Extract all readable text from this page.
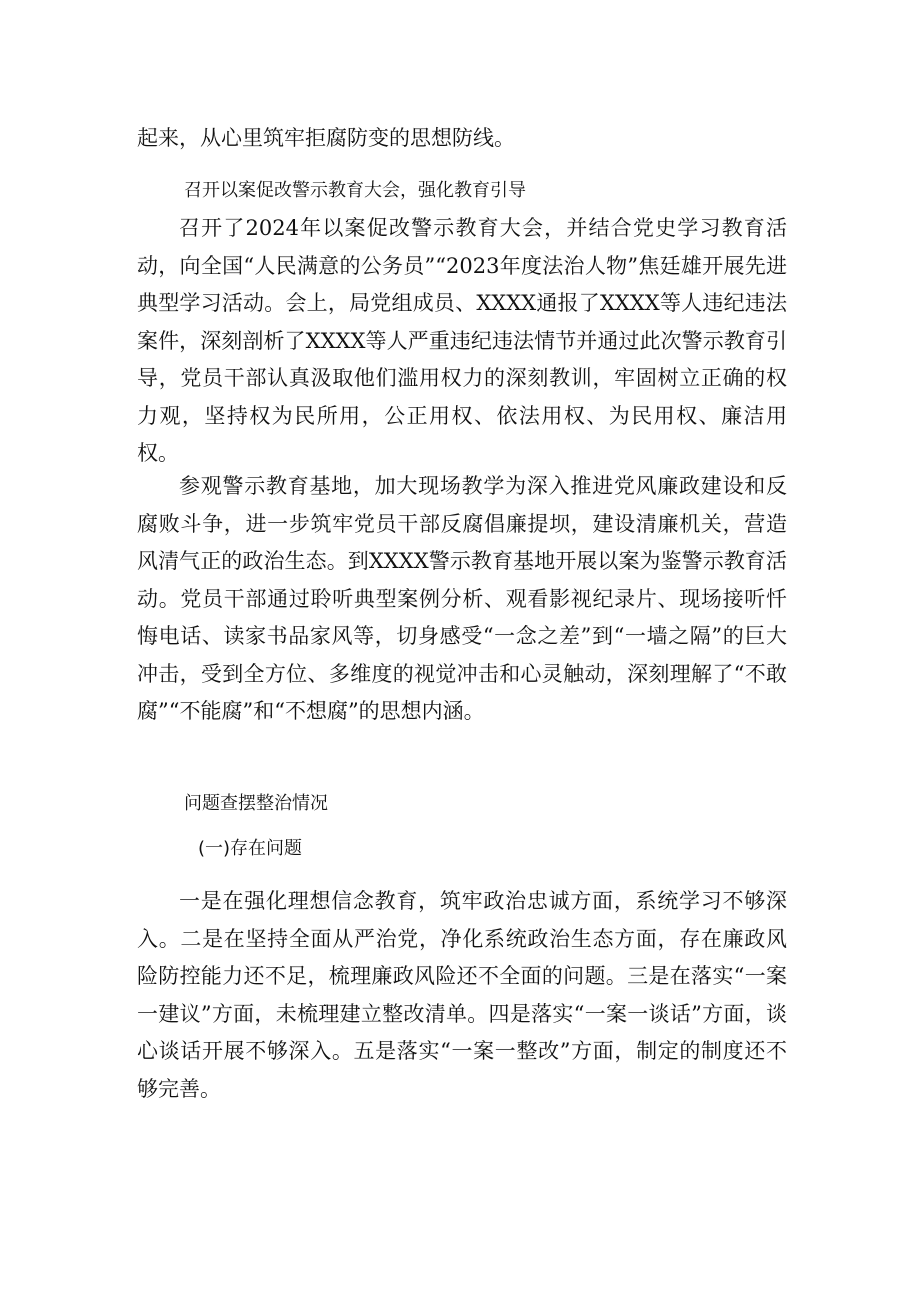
起来，从心里筑牢拒腐防变的思想防线。

召开以案促改警示教育大会，强化教育引导

召开了2024年以案促改警示教育大会，并结合党史学习教育活动，向全国“人民满意的公务员”“2023年度法治人物”焦廷雄开展先进典型学习活动。会上，局党组成员、XXXX通报了XXXX等人违纪违法案件，深刻剖析了XXXX等人严重违纪违法情节并通过此次警示教育引导，党员干部认真汲取他们滥用权力的深刻教训，牢固树立正确的权力观，坚持权为民所用，公正用权、依法用权、为民用权、廉洁用权。

参观警示教育基地，加大现场教学为深入推进党风廉政建设和反腐败斗争，进一步筑牢党员干部反腐倡廉提坝，建设清廉机关，营造风清气正的政治生态。到XXXX警示教育基地开展以案为鉴警示教育活动。党员干部通过聆听典型案例分析、观看影视纪录片、现场接听忏悔电话、读家书品家风等，切身感受“一念之差”到“一墙之隔”的巨大冲击，受到全方位、多维度的视觉冲击和心灵触动，深刻理解了“不敢腐”“不能腐”和“不想腐”的思想内涵。

问题查摆整治情况

(一)存在问题

一是在强化理想信念教育，筑牢政治忠诚方面，系统学习不够深入。二是在坚持全面从严治党，净化系统政治生态方面，存在廉政风险防控能力还不足，梳理廉政风险还不全面的问题。三是在落实“一案一建议”方面，未梳理建立整改清单。四是落实“一案一谈话”方面，谈心谈话开展不够深入。五是落实“一案一整改”方面，制定的制度还不够完善。
